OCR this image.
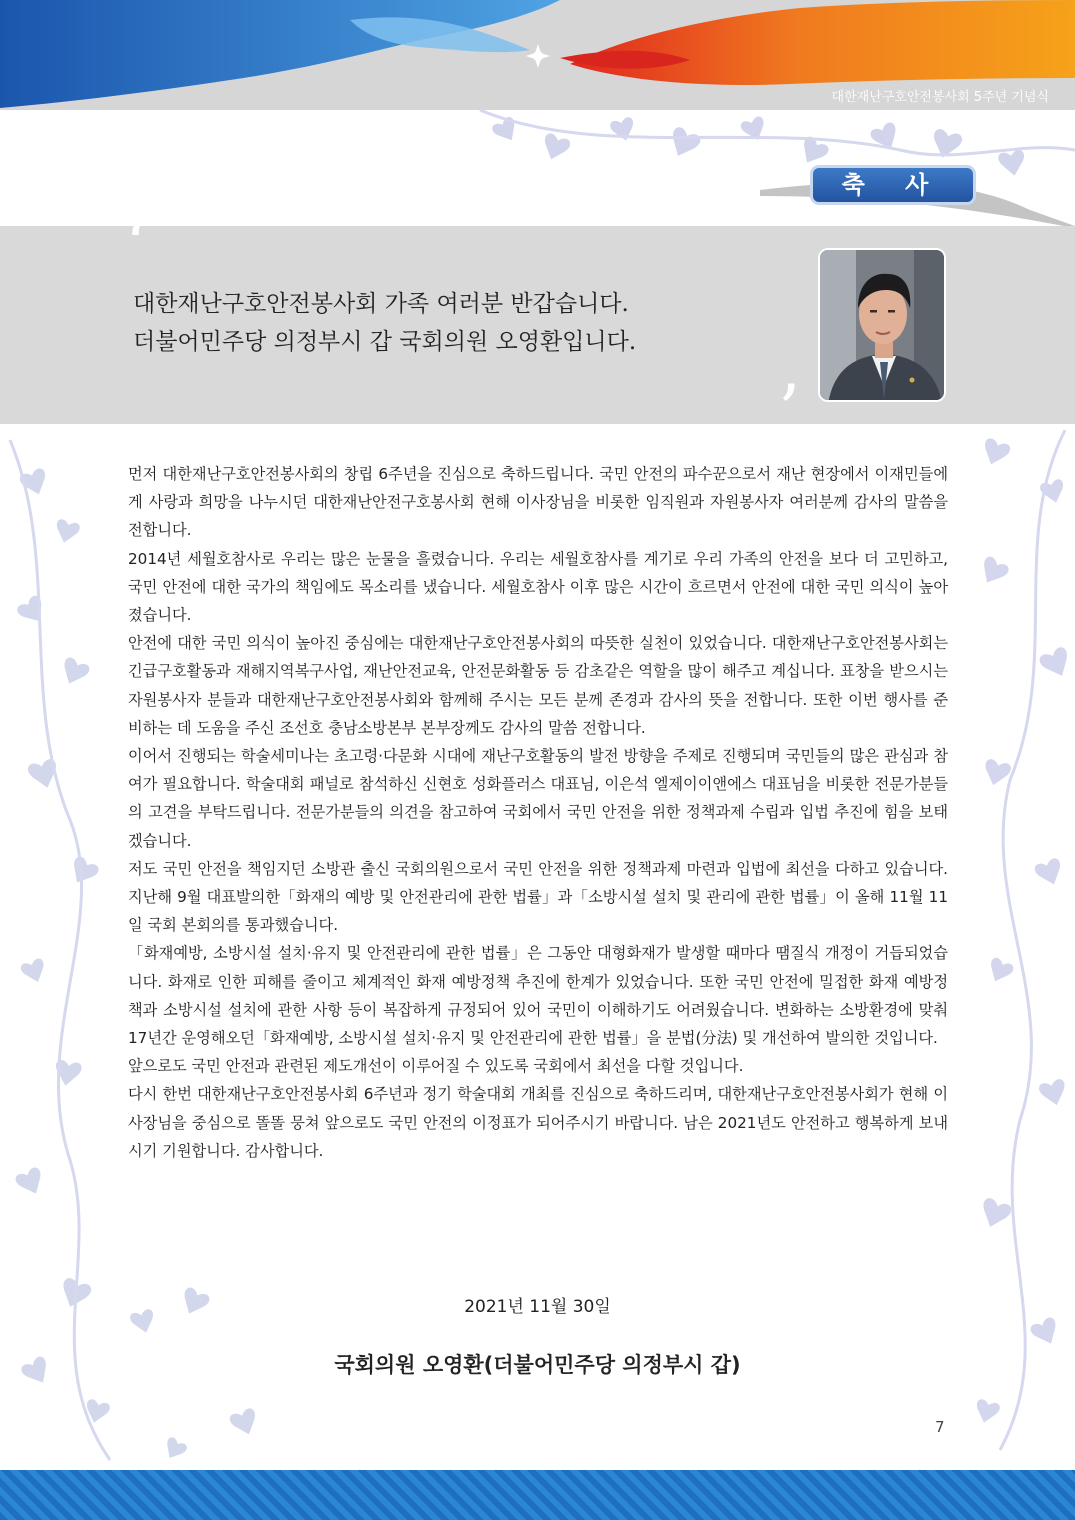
대한재난구호안전봉사회 5주년 기념식
축 사
‘
’
대한재난구호안전봉사회 가족 여러분 반갑습니다.
더불어민주당 의정부시 갑 국회의원 오영환입니다.

먼저 대한재난구호안전봉사회의 창립 6주년을 진심으로 축하드립니다. 국민 안전의 파수꾼으로서 재난 현장에서 이재민들에게 사랑과 희망을 나누시던 대한재난안전구호봉사회 현해 이사장님을 비롯한 임직원과 자원봉사자 여러분께 감사의 말씀을 전합니다.

2014년 세월호참사로 우리는 많은 눈물을 흘렸습니다. 우리는 세월호참사를 계기로 우리 가족의 안전을 보다 더 고민하고, 국민 안전에 대한 국가의 책임에도 목소리를 냈습니다. 세월호참사 이후 많은 시간이 흐르면서 안전에 대한 국민 의식이 높아졌습니다.

안전에 대한 국민 의식이 높아진 중심에는 대한재난구호안전봉사회의 따뜻한 실천이 있었습니다. 대한재난구호안전봉사회는 긴급구호활동과 재해지역복구사업, 재난안전교육, 안전문화활동 등 감초같은 역할을 많이 해주고 계십니다. 표창을 받으시는 자원봉사자 분들과 대한재난구호안전봉사회와 함께해 주시는 모든 분께 존경과 감사의 뜻을 전합니다. 또한 이번 행사를 준비하는 데 도움을 주신 조선호 충남소방본부 본부장께도 감사의 말씀 전합니다.

이어서 진행되는 학술세미나는 초고령·다문화 시대에 재난구호활동의 발전 방향을 주제로 진행되며 국민들의 많은 관심과 참여가 필요합니다. 학술대회 패널로 참석하신 신현호 성화플러스 대표님, 이은석 엘제이이앤에스 대표님을 비롯한 전문가분들의 고견을 부탁드립니다. 전문가분들의 의견을 참고하여 국회에서 국민 안전을 위한 정책과제 수립과 입법 추진에 힘을 보태겠습니다.

저도 국민 안전을 책임지던 소방관 출신 국회의원으로서 국민 안전을 위한 정책과제 마련과 입법에 최선을 다하고 있습니다. 지난해 9월 대표발의한「화재의 예방 및 안전관리에 관한 법률」과「소방시설 설치 및 관리에 관한 법률」이 올해 11월 11일 국회 본회의를 통과했습니다.

「화재예방, 소방시설 설치·유지 및 안전관리에 관한 법률」은 그동안 대형화재가 발생할 때마다 땜질식 개정이 거듭되었습니다. 화재로 인한 피해를 줄이고 체계적인 화재 예방정책 추진에 한계가 있었습니다. 또한 국민 안전에 밀접한 화재 예방정책과 소방시설 설치에 관한 사항 등이 복잡하게 규정되어 있어 국민이 이해하기도 어려웠습니다. 변화하는 소방환경에 맞춰 17년간 운영해오던「화재예방, 소방시설 설치·유지 및 안전관리에 관한 법률」을 분법(分法) 및 개선하여 발의한 것입니다.

앞으로도 국민 안전과 관련된 제도개선이 이루어질 수 있도록 국회에서 최선을 다할 것입니다.

다시 한번 대한재난구호안전봉사회 6주년과 정기 학술대회 개최를 진심으로 축하드리며, 대한재난구호안전봉사회가 현해 이사장님을 중심으로 똘똘 뭉쳐 앞으로도 국민 안전의 이정표가 되어주시기 바랍니다. 남은 2021년도 안전하고 행복하게 보내시기 기원합니다. 감사합니다.

2021년 11월 30일
국회의원 오영환(더불어민주당 의정부시 갑)
7
